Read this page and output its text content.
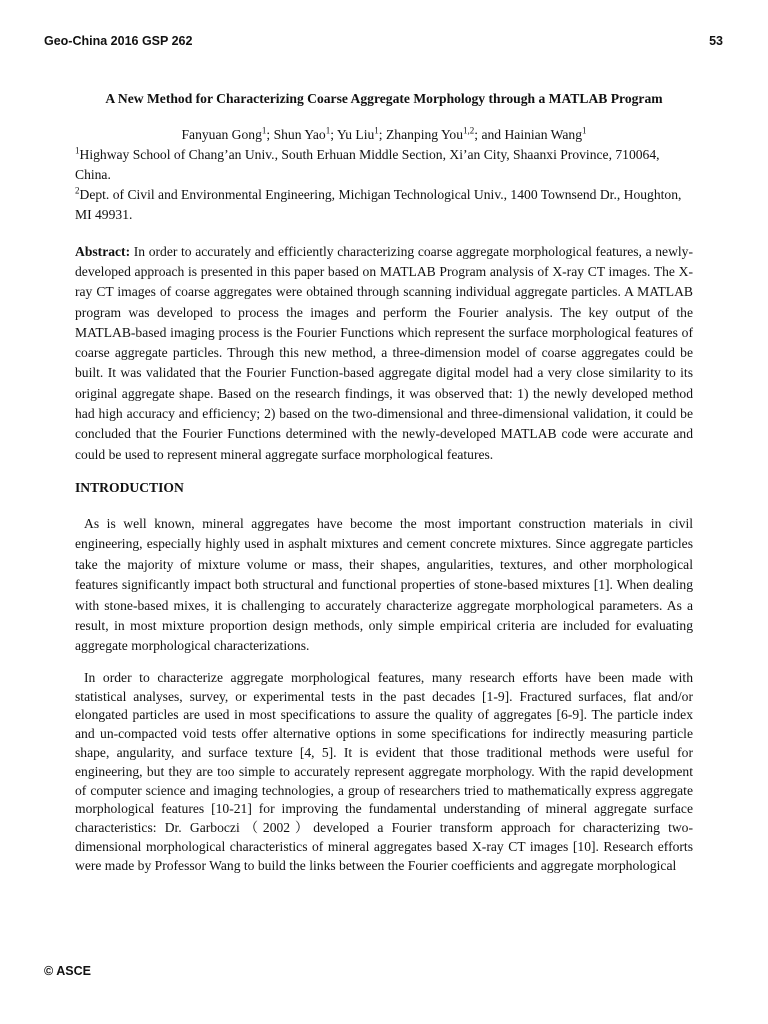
Geo-China 2016 GSP 262	53
A New Method for Characterizing Coarse Aggregate Morphology through a MATLAB Program

Fanyuan Gong$^1$; Shun Yao$^1$; Yu Liu$^1$; Zhanping You$^{1,2}$; and Hainian Wang$^1$

$^1$Highway School of Chang’an Univ., South Erhuan Middle Section, Xi’an City, Shaanxi Province, 710064, China.

$^2$Dept. of Civil and Environmental Engineering, Michigan Technological Univ., 1400 Townsend Dr., Houghton, MI 49931.

Abstract: In order to accurately and efficiently characterizing coarse aggregate morphological features, a newly-developed approach is presented in this paper based on MATLAB Program analysis of X-ray CT images. The X-ray CT images of coarse aggregates were obtained through scanning individual aggregate particles. A MATLAB program was developed to process the images and perform the Fourier analysis. The key output of the MATLAB-based imaging process is the Fourier Functions which represent the surface morphological features of coarse aggregate particles. Through this new method, a three-dimension model of coarse aggregates could be built. It was validated that the Fourier Function-based aggregate digital model had a very close similarity to its original aggregate shape. Based on the research findings, it was observed that: 1) the newly developed method had high accuracy and efficiency; 2) based on the two-dimensional and three-dimensional validation, it could be concluded that the Fourier Functions determined with the newly-developed MATLAB code were accurate and could be used to represent mineral aggregate surface morphological features.

INTRODUCTION

As is well known, mineral aggregates have become the most important construction materials in civil engineering, especially highly used in asphalt mixtures and cement concrete mixtures. Since aggregate particles take the majority of mixture volume or mass, their shapes, angularities, textures, and other morphological features significantly impact both structural and functional properties of stone-based mixtures [1]. When dealing with stone-based mixes, it is challenging to accurately characterize aggregate morphological parameters. As a result, in most mixture proportion design methods, only simple empirical criteria are included for evaluating aggregate morphological characterizations.

In order to characterize aggregate morphological features, many research efforts have been made with statistical analyses, survey, or experimental tests in the past decades [1-9]. Fractured surfaces, flat and/or elongated particles are used in most specifications to assure the quality of aggregates [6-9]. The particle index and un-compacted void tests offer alternative options in some specifications for indirectly measuring particle shape, angularity, and surface texture [4, 5]. It is evident that those traditional methods were useful for engineering, but they are too simple to accurately represent aggregate morphology. With the rapid development of computer science and imaging technologies, a group of researchers tried to mathematically express aggregate morphological features [10-21] for improving the fundamental understanding of mineral aggregate surface characteristics: Dr. Garboczi（2002）developed a Fourier transform approach for characterizing two-dimensional morphological characteristics of mineral aggregates based X-ray CT images [10]. Research efforts were made by Professor Wang to build the links between the Fourier coefficients and aggregate morphological

© ASCE
